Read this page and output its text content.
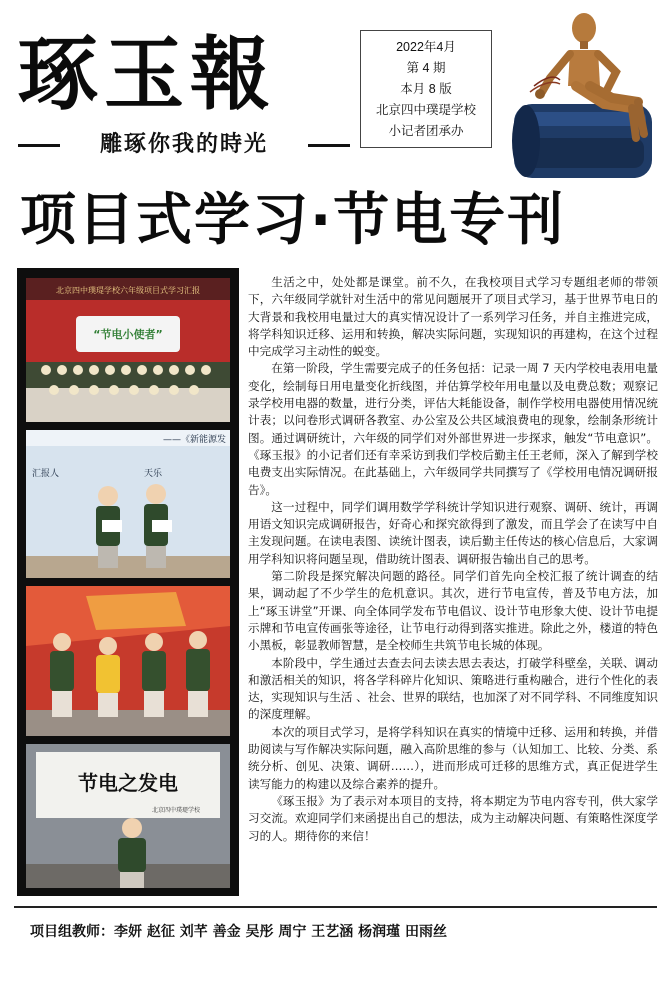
琢玉報
雕琢你我的時光
2022年4月
第 4 期
本月 8 版
北京四中璞瑅学校
小记者团承办
项目式学习·节电专刊
北京四中璞瑅学校六年级项目式学习汇报
“节电小使者”
——《新能源发
汇报人	天乐
节电之发电
北京四中璞瑅学校

生活之中，处处都是课堂。前不久，在我校项目式学习专题组老师的带领下，六年级同学就针对生活中的常见问题展开了项目式学习，基于世界节电日的大背景和我校用电量过大的真实情况设计了一系列学习任务，并自主推进完成，将学科知识迁移、运用和转换，解决实际问题，实现知识的再建构，在这个过程中完成学习主动性的蜕变。

在第一阶段，学生需要完成子的任务包括：记录一周 7 天内学校电表用电量变化，绘制每日用电量变化折线图，并估算学校年用电量以及电费总数；观察记录学校用电器的数量，进行分类，评估大耗能设备，制作学校用电器使用情况统计表；以问卷形式调研各教室、办公室及公共区域浪费电的现象，绘制条形统计图。通过调研统计，六年级的同学们对外部世界进一步探求，触发“节电意识”。《琢玉报》的小记者们还有幸采访到我们学校后勤主任王老师，深入了解到学校电费支出实际情况。在此基础上，六年级同学共同撰写了《学校用电情况调研报告》。

这一过程中，同学们调用数学学科统计学知识进行观察、调研、统计，再调用语文知识完成调研报告，好奇心和探究欲得到了激发，而且学会了在读写中自主发现问题。在读电表图、读统计图表，读后勤主任传达的核心信息后，大家调用学科知识将问题呈现，借助统计图表、调研报告输出自己的思考。

第二阶段是探究解决问题的路径。同学们首先向全校汇报了统计调查的结果，调动起了不少学生的危机意识。其次，进行节电宣传，普及节电方法，加上“琢玉讲堂”开课、向全体同学发布节电倡议、设计节电形象大使、设计节电提示牌和节电宣传画张等途径，让节电行动得到落实推进。除此之外，楼道的特色小黑板，彰显教师智慧，是全校师生共筑节电长城的体现。

本阶段中，学生通过去查去问去读去思去表达，打破学科壁垒，关联、调动和激活相关的知识，将各学科碎片化知识、策略进行重构融合，进行个性化的表达，实现知识与生活 、社会、世界的联结，也加深了对不同学科、不同维度知识的深度理解。

本次的项目式学习，是将学科知识在真实的情境中迁移、运用和转换，并借助阅读与写作解决实际问题，融入高阶思维的参与（认知加工、比较、分类、系统分析、创见、决策、调研……），进而形成可迁移的思维方式，真正促进学生读写能力的构建以及综合素养的提升。

《琢玉报》为了表示对本项目的支持，将本期定为节电内容专刊，供大家学习交流。欢迎同学们来函提出自己的想法，成为主动解决问题、有策略性深度学习的人。期待你的来信！

项目组教师：李妍 赵征 刘芊 善金 吴彤 周宁 王艺涵 杨润瑾 田雨丝
